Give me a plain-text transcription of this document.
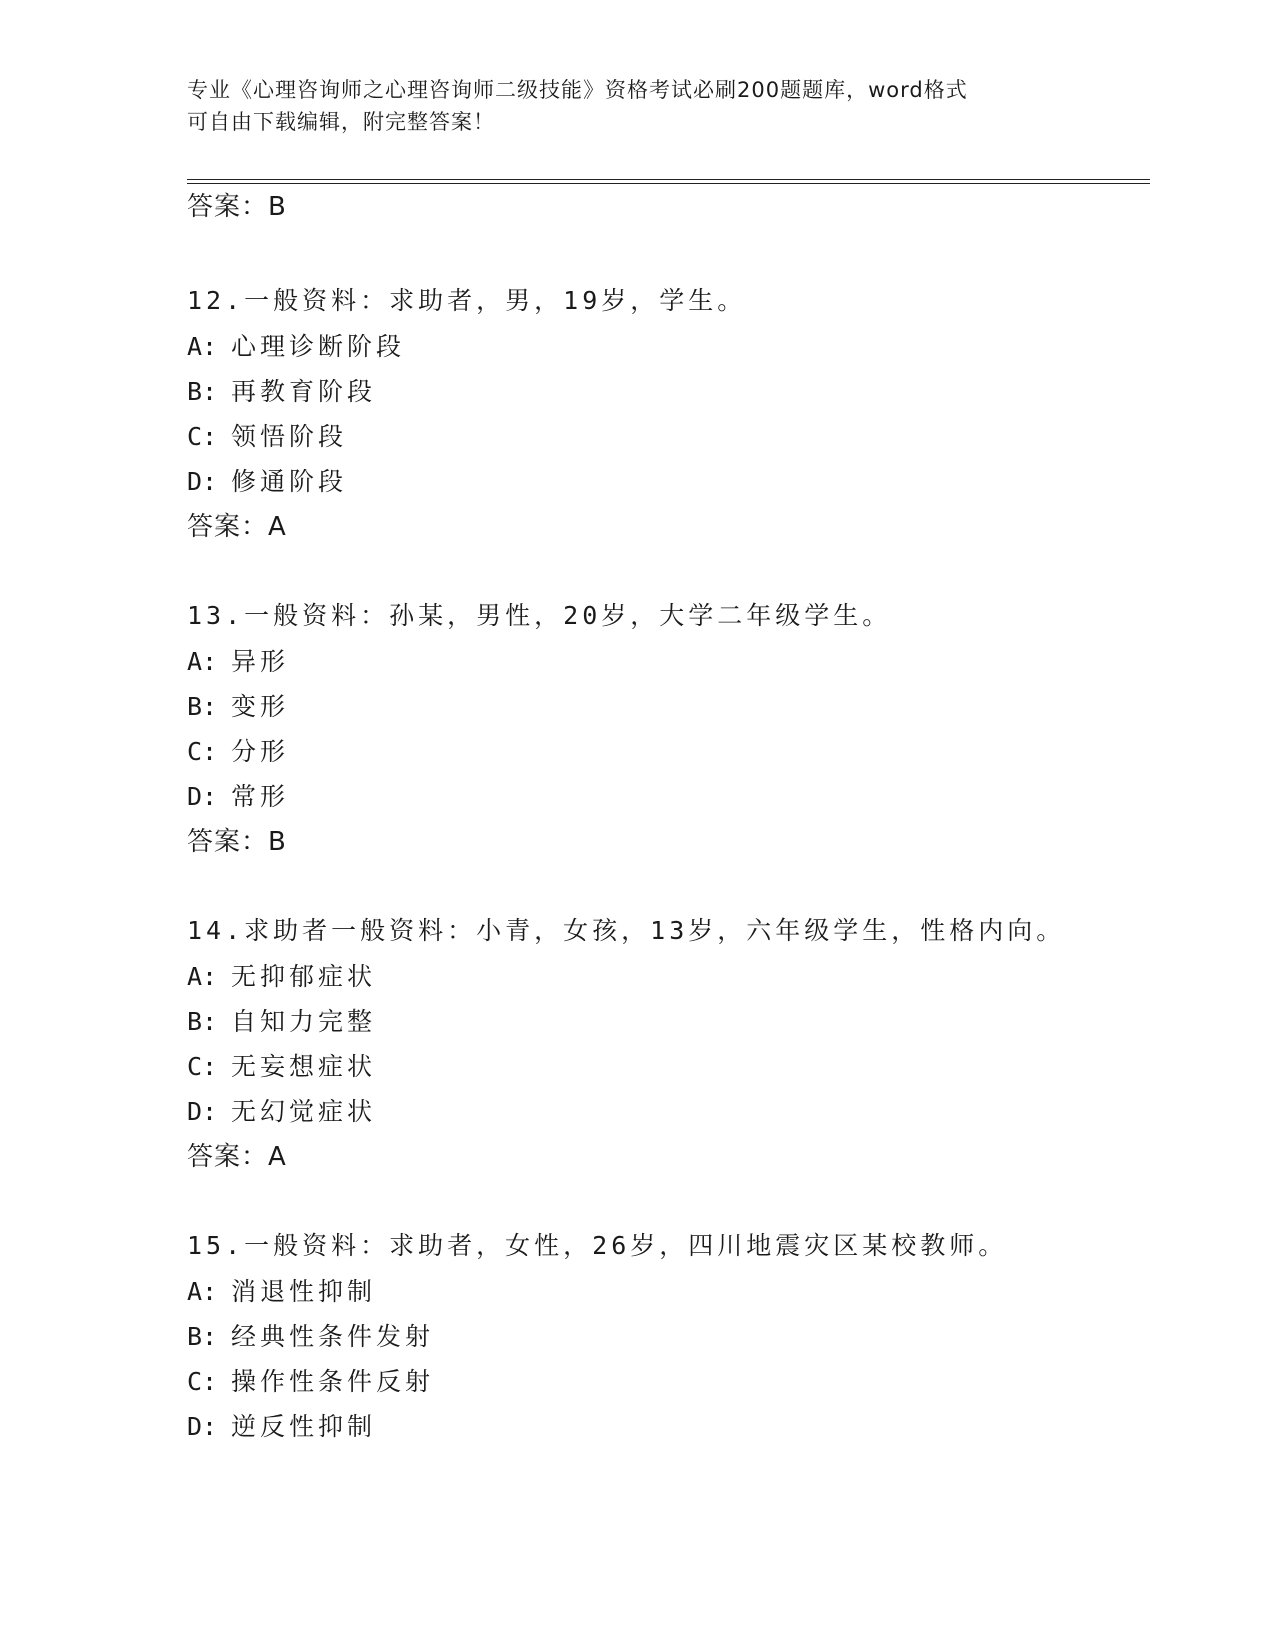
专业《心理咨询师之心理咨询师二级技能》资格考试必刷200题题库，word格式
可自由下载编辑，附完整答案！
答案：B
12.一般资料：求助者，男，19岁，学生。
A: 心理诊断阶段
B: 再教育阶段
C: 领悟阶段
D: 修通阶段
答案：A
13.一般资料：孙某，男性，20岁，大学二年级学生。
A: 异形
B: 变形
C: 分形
D: 常形
答案：B
14.求助者一般资料：小青，女孩，13岁，六年级学生，性格内向。
A: 无抑郁症状
B: 自知力完整
C: 无妄想症状
D: 无幻觉症状
答案：A
15.一般资料：求助者，女性，26岁，四川地震灾区某校教师。
A: 消退性抑制
B: 经典性条件发射
C: 操作性条件反射
D: 逆反性抑制
